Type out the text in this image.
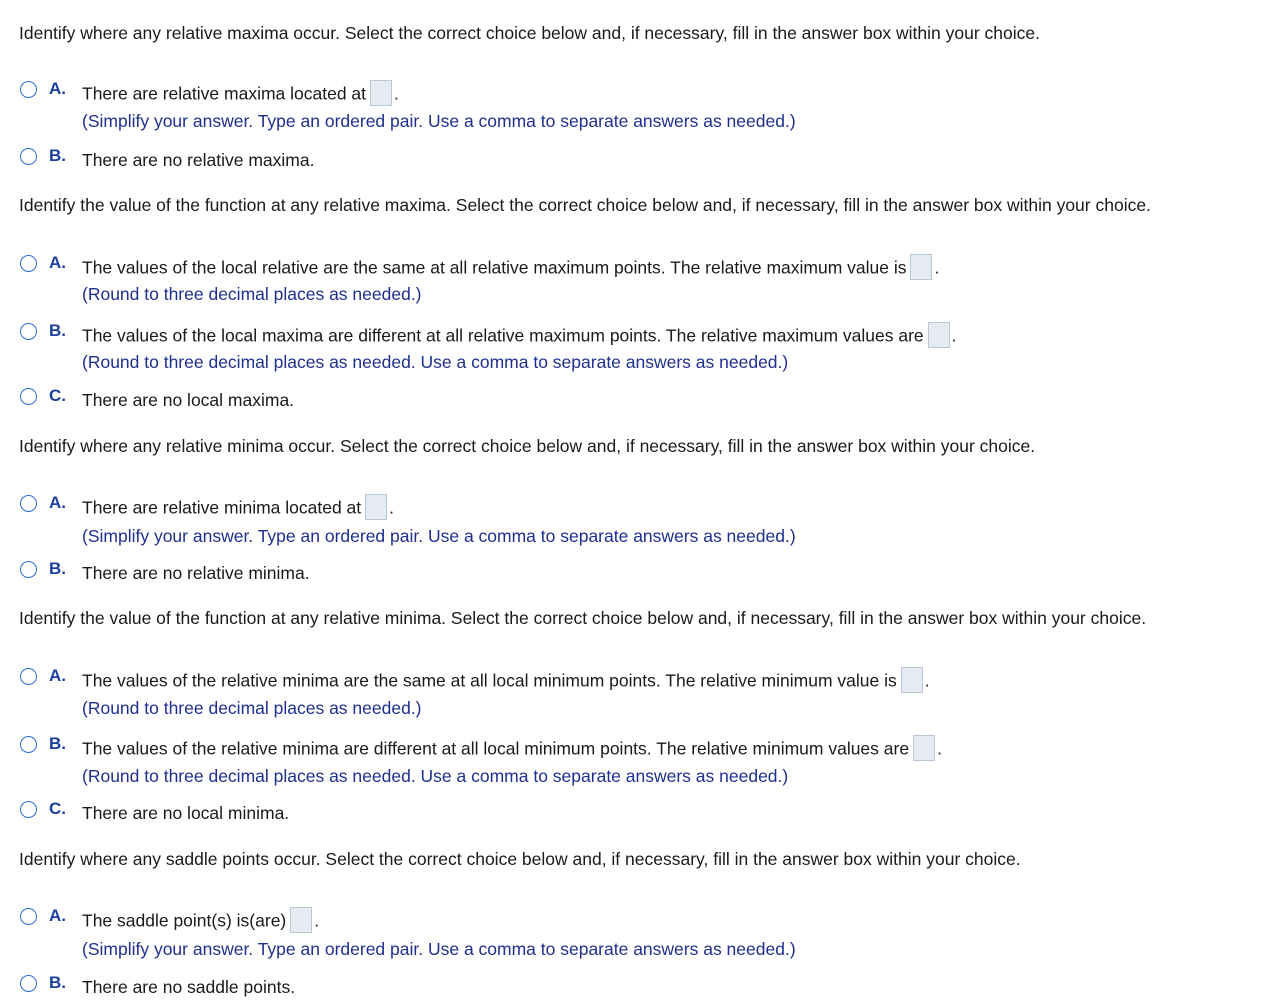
Identify where any relative maxima occur. Select the correct choice below and, if necessary, fill in the answer box within your choice.
A. There are relative maxima located at .
(Simplify your answer. Type an ordered pair. Use a comma to separate answers as needed.)
B. There are no relative maxima.
Identify the value of the function at any relative maxima. Select the correct choice below and, if necessary, fill in the answer box within your choice.
A. The values of the local relative are the same at all relative maximum points. The relative maximum value is .
(Round to three decimal places as needed.)
B. The values of the local maxima are different at all relative maximum points. The relative maximum values are .
(Round to three decimal places as needed. Use a comma to separate answers as needed.)
C. There are no local maxima.
Identify where any relative minima occur. Select the correct choice below and, if necessary, fill in the answer box within your choice.
A. There are relative minima located at .
(Simplify your answer. Type an ordered pair. Use a comma to separate answers as needed.)
B. There are no relative minima.
Identify the value of the function at any relative minima. Select the correct choice below and, if necessary, fill in the answer box within your choice.
A. The values of the relative minima are the same at all local minimum points. The relative minimum value is .
(Round to three decimal places as needed.)
B. The values of the relative minima are different at all local minimum points. The relative minimum values are .
(Round to three decimal places as needed. Use a comma to separate answers as needed.)
C. There are no local minima.
Identify where any saddle points occur. Select the correct choice below and, if necessary, fill in the answer box within your choice.
A. The saddle point(s) is(are) .
(Simplify your answer. Type an ordered pair. Use a comma to separate answers as needed.)
B. There are no saddle points.
